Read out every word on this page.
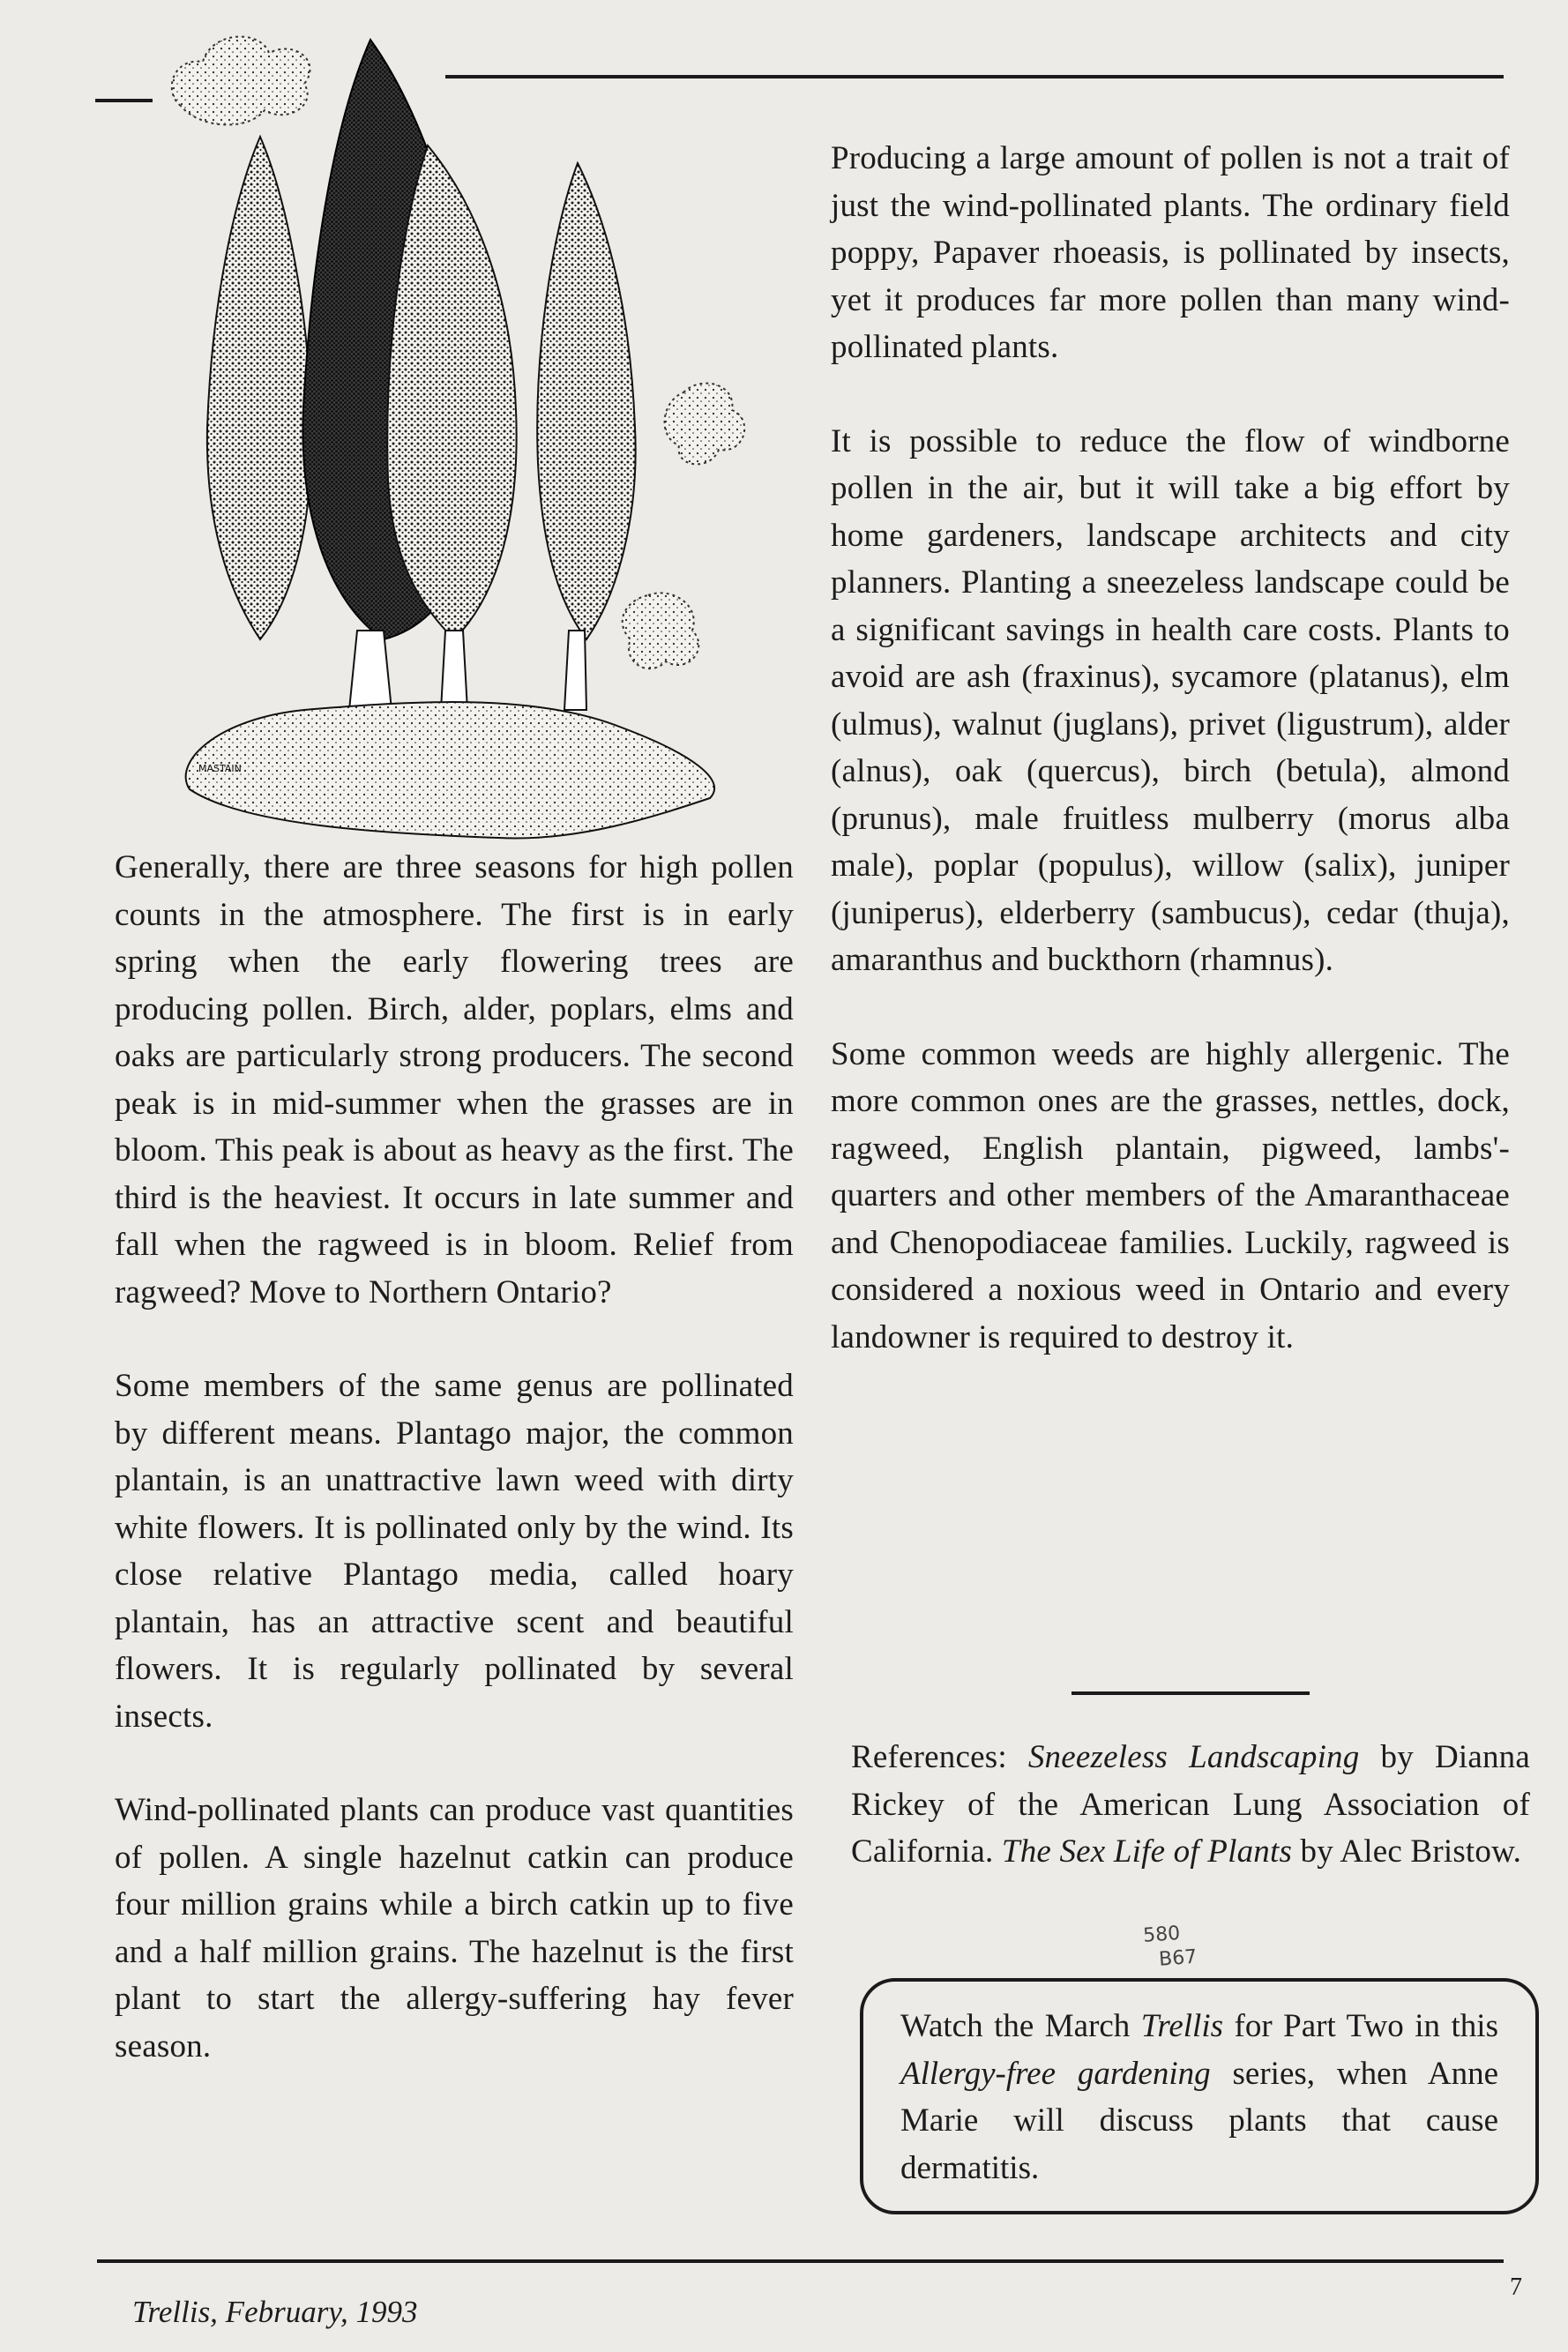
MASTAIN

Generally, there are three seasons for high pollen counts in the atmosphere. The first is in early spring when the early flowering trees are producing pollen. Birch, alder, poplars, elms and oaks are particularly strong producers. The second peak is in mid-summer when the grasses are in bloom. This peak is about as heavy as the first. The third is the heaviest. It occurs in late summer and fall when the ragweed is in bloom. Relief from ragweed? Move to Northern Ontario?

Some members of the same genus are pollinated by different means. Plantago major, the common plantain, is an unattractive lawn weed with dirty white flowers. It is pollinated only by the wind. Its close relative Plantago media, called hoary plantain, has an attractive scent and beautiful flowers. It is regularly pollinated by several insects.

Wind-pollinated plants can produce vast quantities of pollen. A single hazelnut catkin can produce four million grains while a birch catkin up to five and a half million grains. The hazelnut is the first plant to start the allergy-suffering hay fever season.

Producing a large amount of pollen is not a trait of just the wind-pollinated plants. The ordinary field poppy, Papaver rhoeasis, is pollinated by insects, yet it produces far more pollen than many wind-pollinated plants.

It is possible to reduce the flow of windborne pollen in the air, but it will take a big effort by home gardeners, landscape architects and city planners. Planting a sneezeless landscape could be a significant savings in health care costs. Plants to avoid are ash (fraxinus), sycamore (platanus), elm (ulmus), walnut (juglans), privet (ligustrum), alder (alnus), oak (quercus), birch (betula), almond (prunus), male fruitless mulberry (morus alba male), poplar (populus), willow (salix), juniper (juniperus), elderberry (sambucus), cedar (thuja), amaranthus and buckthorn (rhamnus).

Some common weeds are highly allergenic. The more common ones are the grasses, nettles, dock, ragweed, English plantain, pigweed, lambs'-quarters and other members of the Amaranthaceae and Chenopodiaceae families. Luckily, ragweed is considered a noxious weed in Ontario and every landowner is required to destroy it.

References: Sneezeless Landscaping by Dianna Rickey of the American Lung Association of California. The Sex Life of Plants by Alec Bristow.

580
B67
Watch the March Trellis for Part Two in this Allergy-free gardening series, when Anne Marie will discuss plants that cause dermatitis.
Trellis, February, 1993
7
